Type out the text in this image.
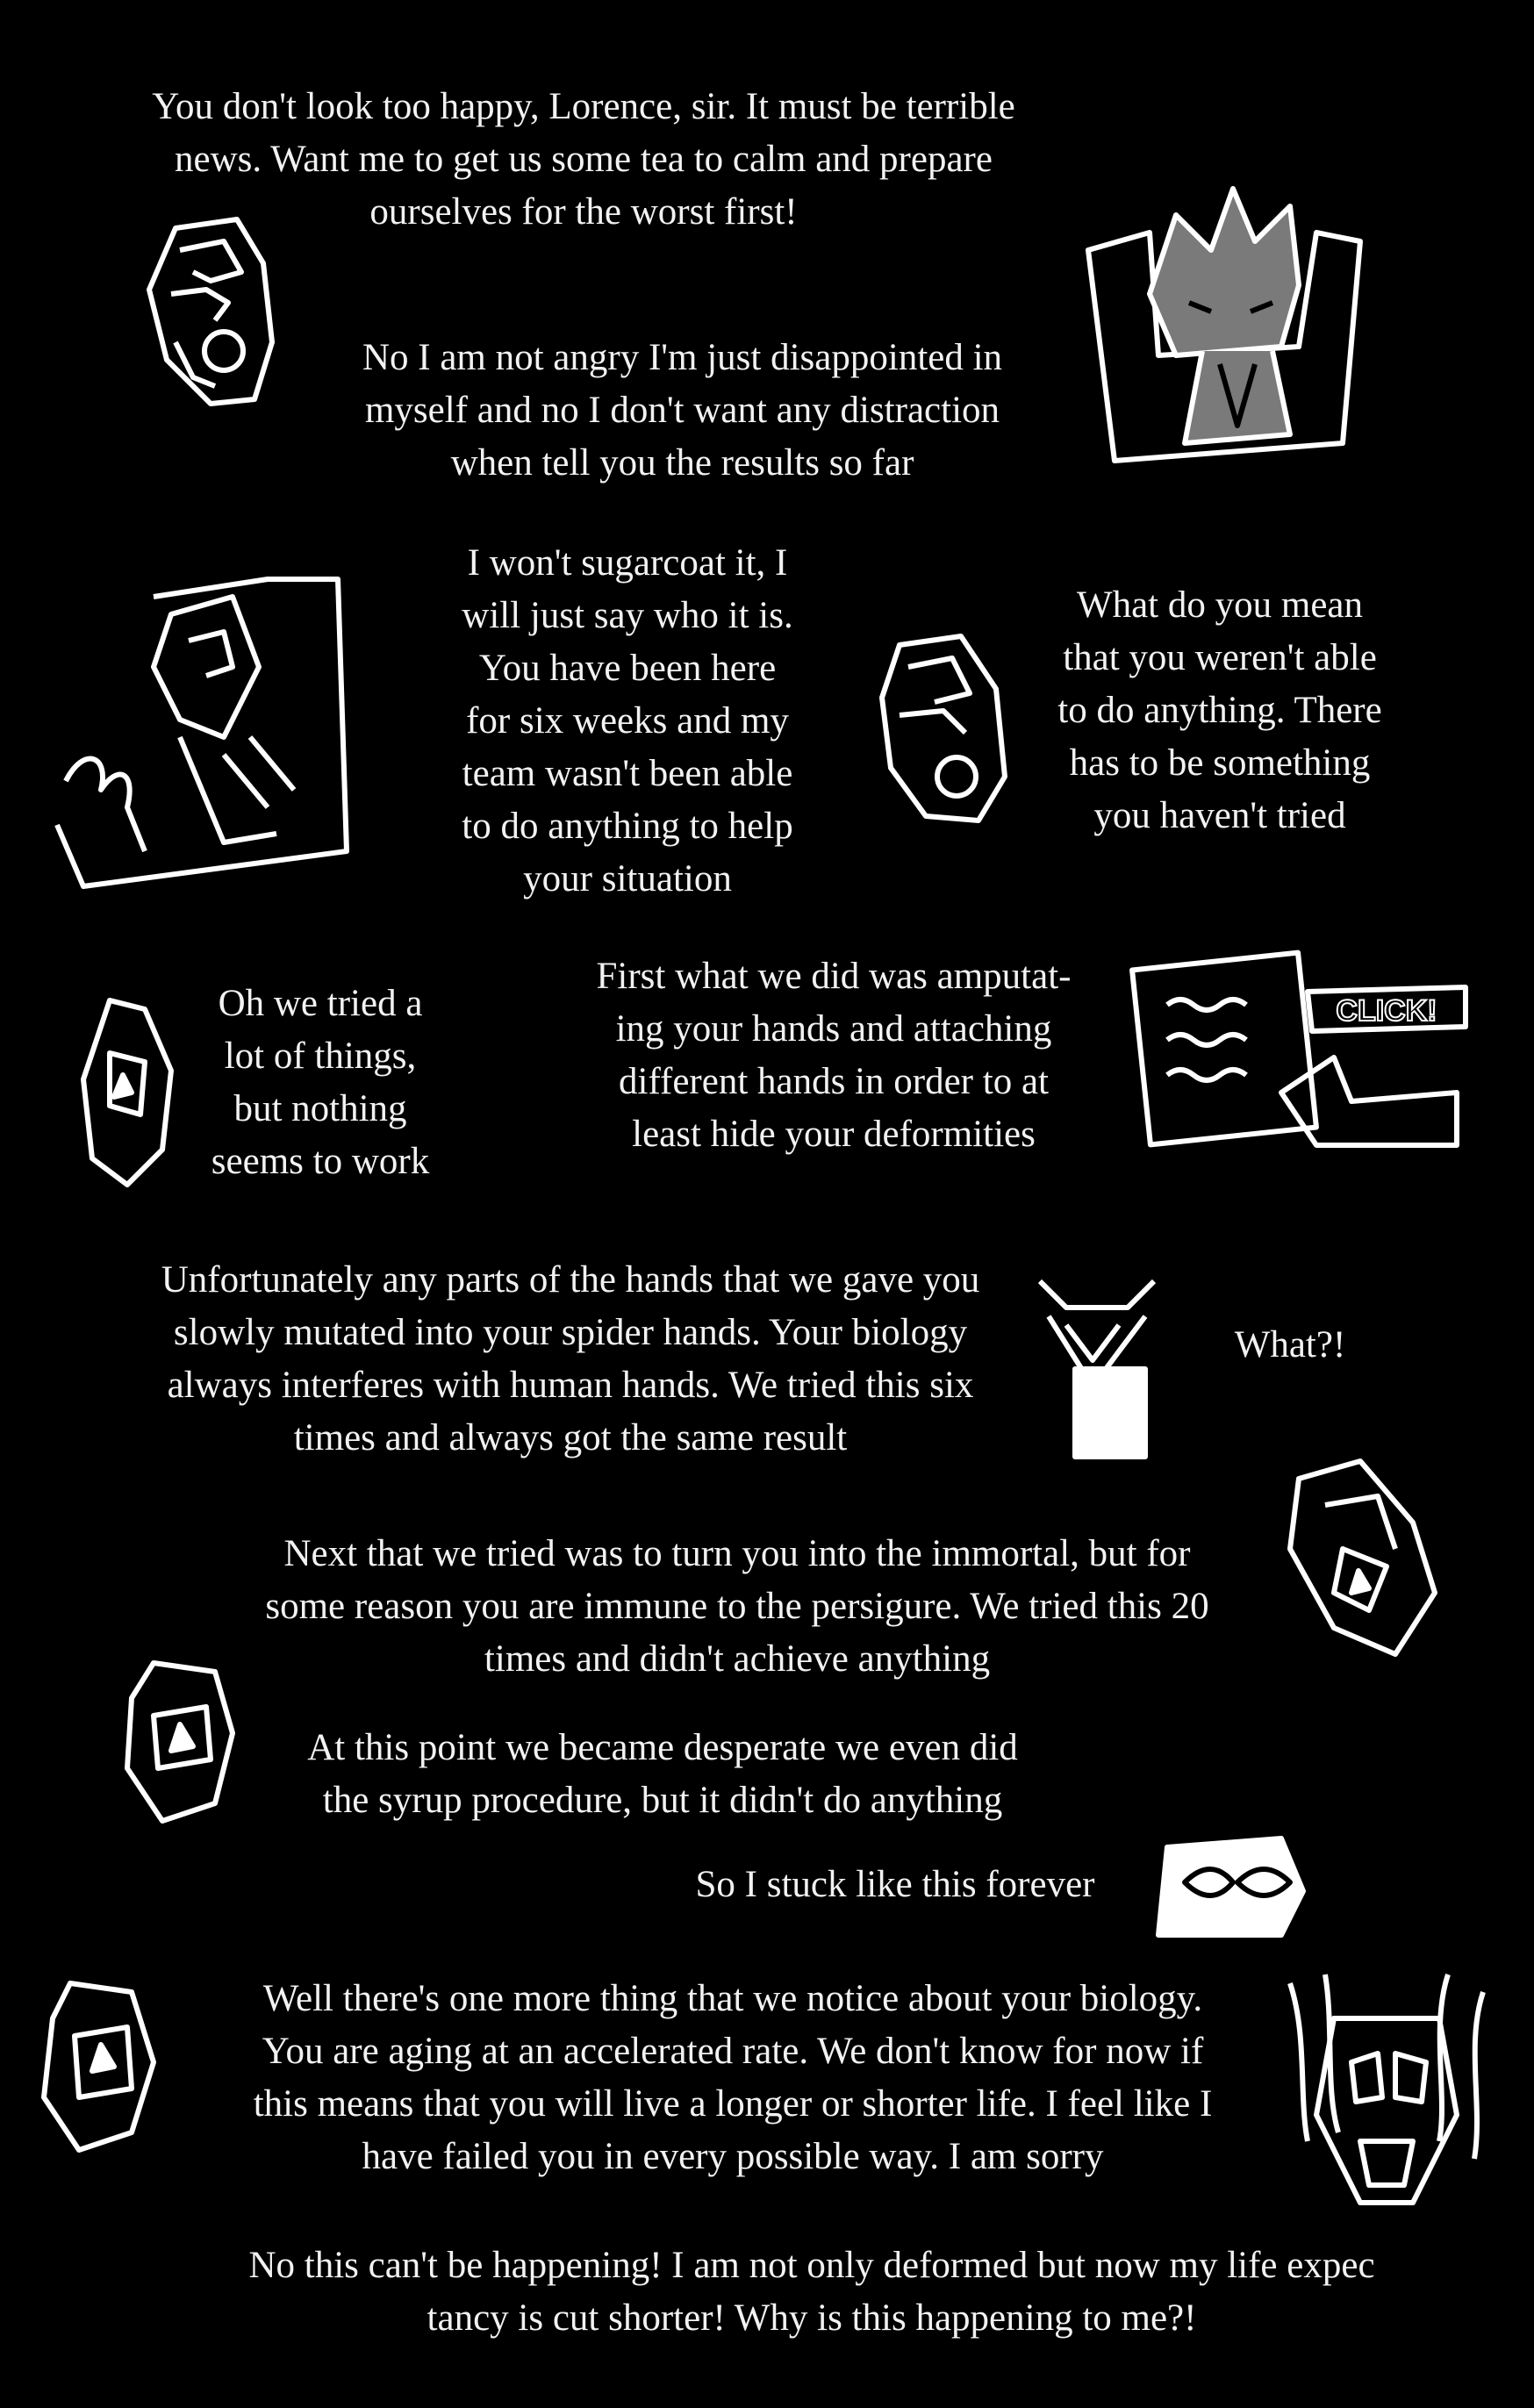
You don't look too happy, Lorence, sir. It must be terrible
news. Want me to get us some tea to calm and prepare
ourselves for the worst first!
No I am not angry I'm just disappointed in
myself and no I don't want any distraction
when tell you the results so far
I won't sugarcoat it, I
will just say who it is.
You have been here
for six weeks and my
team wasn't been able
to do anything to help
your situation
What do you mean
that you weren't able
to do anything. There
has to be something
you haven't tried
Oh we tried a
lot of things,
but nothing
seems to work
First what we did was amputat-
ing your hands and attaching
different hands in order to at
least hide your deformities
Unfortunately any parts of the hands that we gave you
slowly mutated into your spider hands. Your biology
always interferes with human hands. We tried this six
times and always got the same result
What?!
Next that we tried was to turn you into the immortal, but for
some reason you are immune to the persigure. We tried this 20
times and didn't achieve anything
At this point we became desperate we even did
the syrup procedure, but it didn't do anything
So I stuck like this forever
Well there's one more thing that we notice about your biology.
You are aging at an accelerated rate. We don't know for now if
this means that you will live a longer or shorter life. I feel like I
have failed you in every possible way. I am sorry
No this can't be happening! I am not only deformed but now my life expec
tancy is cut shorter! Why is this happening to me?!
CLICK!
